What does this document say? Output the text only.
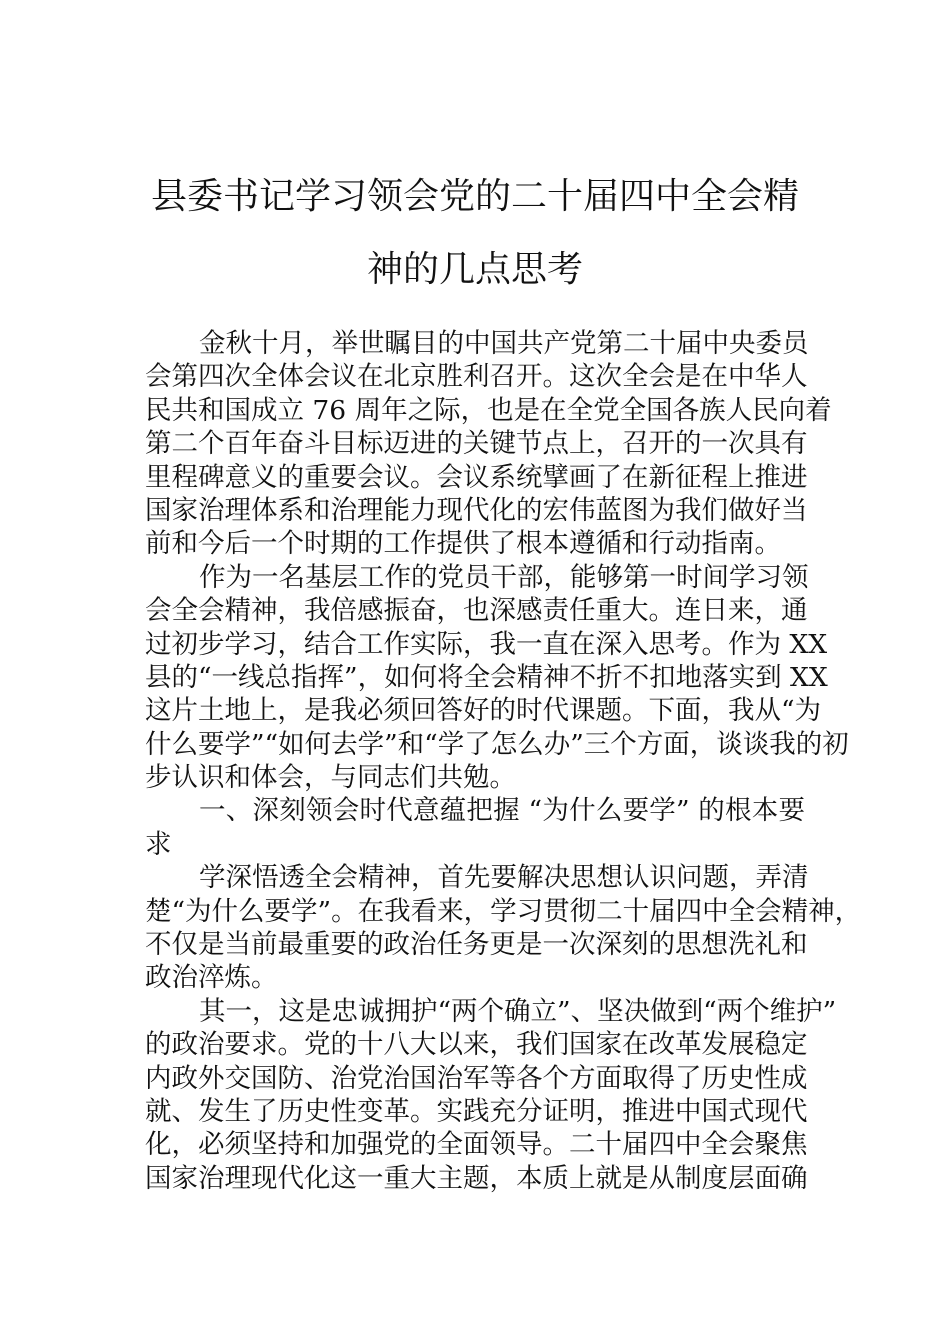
县委书记学习领会党的二十届四中全会精
神的几点思考
金秋十月，举世瞩目的中国共产党第二十届中央委员
会第四次全体会议在北京胜利召开。这次全会是在中华人
民共和国成立 76 周年之际，也是在全党全国各族人民向着
第二个百年奋斗目标迈进的关键节点上，召开的一次具有
里程碑意义的重要会议。会议系统擘画了在新征程上推进
国家治理体系和治理能力现代化的宏伟蓝图为我们做好当
前和今后一个时期的工作提供了根本遵循和行动指南。
作为一名基层工作的党员干部，能够第一时间学习领
会全会精神，我倍感振奋，也深感责任重大。连日来，通
过初步学习，结合工作实际，我一直在深入思考。作为 XX
县的“一线总指挥”，如何将全会精神不折不扣地落实到 XX
这片土地上，是我必须回答好的时代课题。下面，我从“为
什么要学”“如何去学”和“学了怎么办”三个方面，谈谈我的初
步认识和体会，与同志们共勉。
一、深刻领会时代意蕴把握 “为什么要学” 的根本要
求
学深悟透全会精神，首先要解决思想认识问题，弄清
楚“为什么要学”。在我看来，学习贯彻二十届四中全会精神，
不仅是当前最重要的政治任务更是一次深刻的思想洗礼和
政治淬炼。
其一，这是忠诚拥护“两个确立”、坚决做到“两个维护”
的政治要求。党的十八大以来，我们国家在改革发展稳定
内政外交国防、治党治国治军等各个方面取得了历史性成
就、发生了历史性变革。实践充分证明，推进中国式现代
化，必须坚持和加强党的全面领导。二十届四中全会聚焦
国家治理现代化这一重大主题，本质上就是从制度层面确
